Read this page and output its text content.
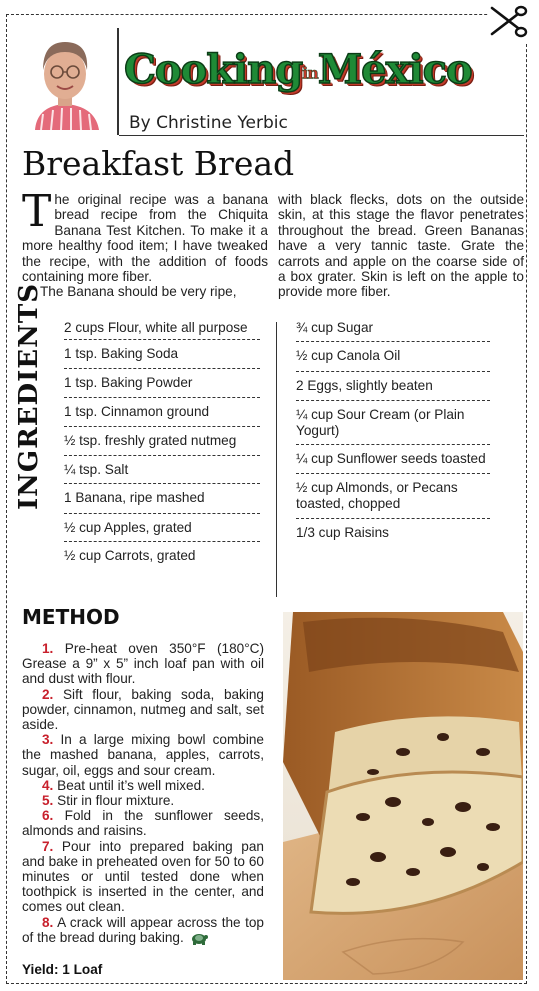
CookinginMéxico
By Christine Yerbic
Breakfast Bread

The original recipe was a banana bread recipe from the Chiquita Banana Test Kitchen. To make it a more healthy food item; I have tweaked the recipe, with the addition of foods containing more fiber.

The Banana should be very ripe,

with black flecks, dots on the outside skin, at this stage the flavor penetrates throughout the bread. Green Bananas have a very tannic taste. Grate the carrots and apple on the coarse side of a box grater. Skin is left on the apple to provide more fiber.

INGREDIENTS 2 cups Flour, white all purpose
1 tsp. Baking Soda
1 tsp. Baking Powder
1 tsp. Cinnamon ground
½ tsp. freshly grated nutmeg
¼ tsp. Salt
1 Banana, ripe mashed
½ cup Apples, grated
½ cup Carrots, grated
¾ cup Sugar
½ cup Canola Oil
2 Eggs, slightly beaten
¼ cup Sour Cream (or Plain Yogurt)
¼ cup Sunflower seeds toasted
½ cup Almonds, or Pecans toasted, chopped
1/3 cup Raisins
METHOD
1. Pre-heat oven 350°F (180°C) Grease a 9” x 5” inch loaf pan with oil and dust with flour.
2. Sift flour, baking soda, baking powder, cinnamon, nutmeg and salt, set aside.
3. In a large mixing bowl combine the mashed banana, apples, carrots, sugar, oil, eggs and sour cream.
4. Beat until it’s well mixed.
5. Stir in flour mixture.
6. Fold in the sunflower seeds, almonds and raisins.
7. Pour into prepared baking pan and bake in preheated oven for 50 to 60 minutes or until tested done when toothpick is inserted in the center, and comes out clean.
8. A crack will appear across the top of the bread during baking.
Yield: 1 Loaf
